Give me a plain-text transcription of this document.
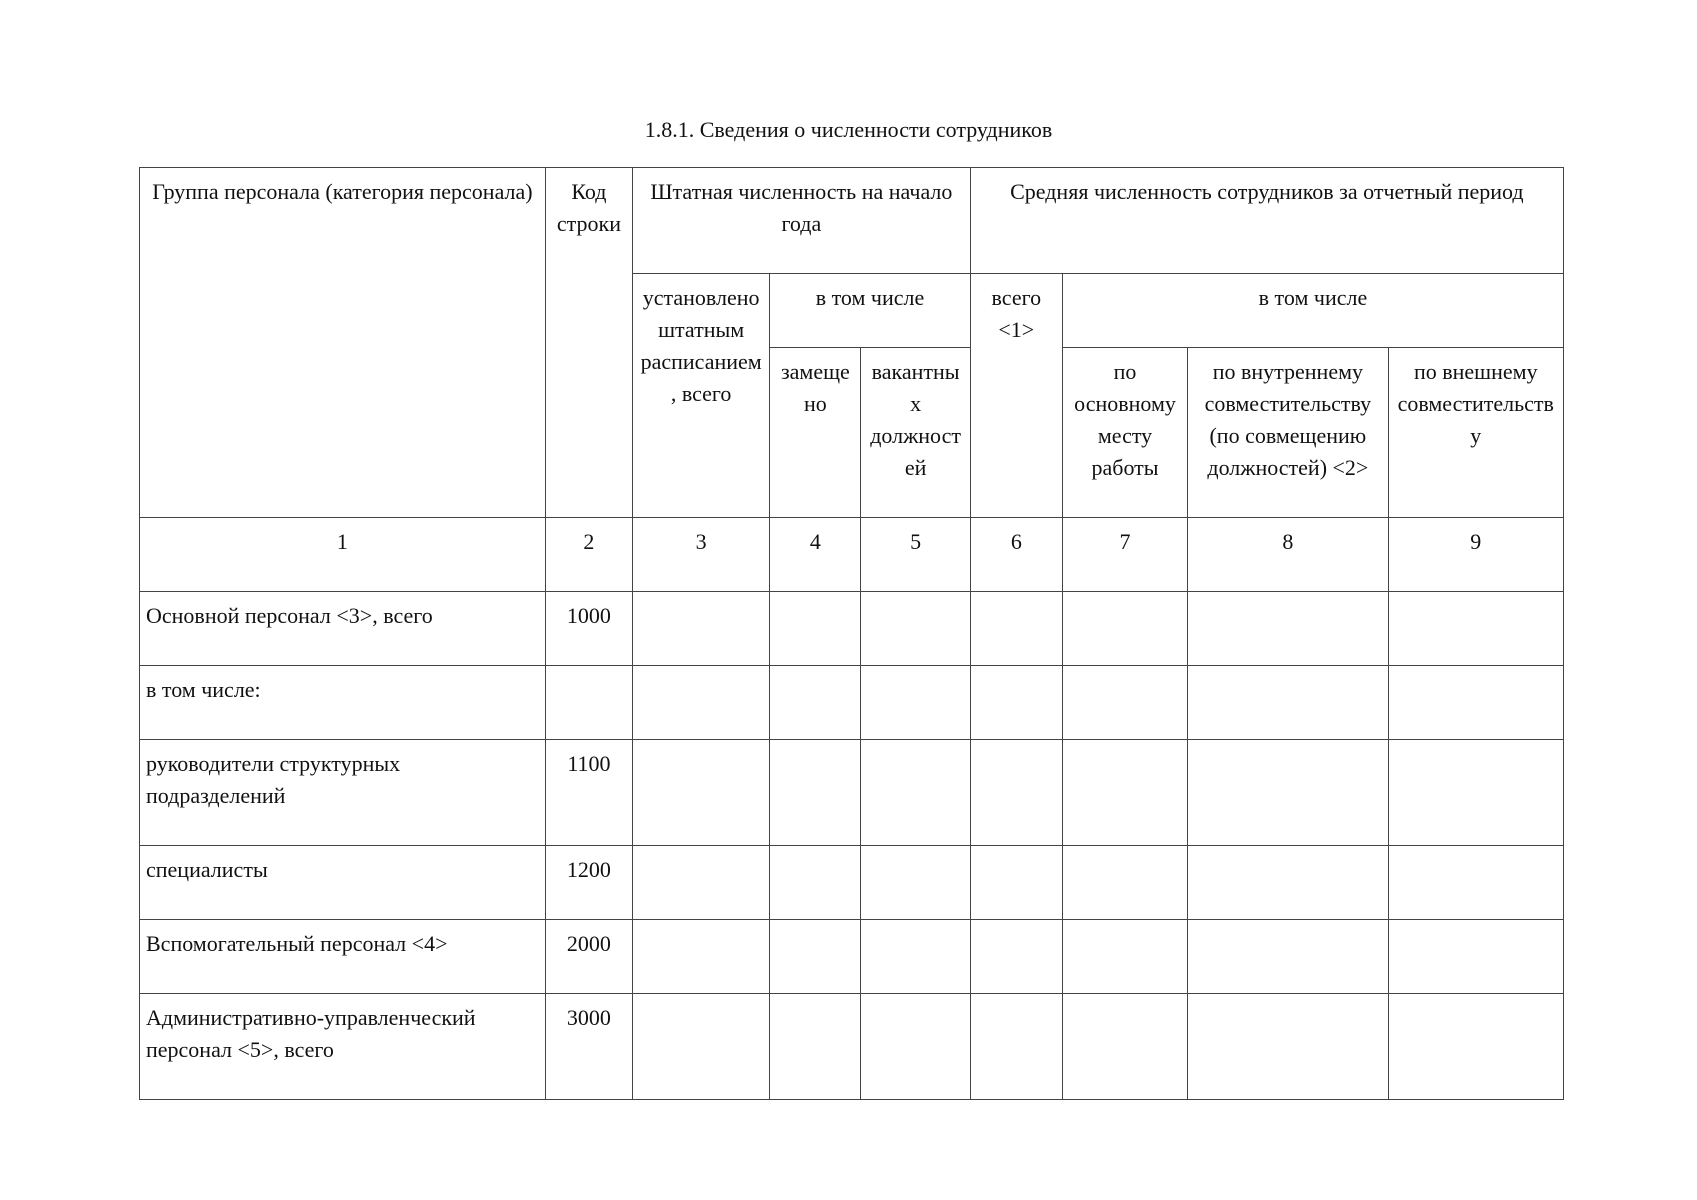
1.8.1. Сведения о численности сотрудников
Группа персонала (категория персонала)	Код строки	Штатная численность на начало года			Средняя численность сотрудников за отчетный период			
		установлено штатным расписанием, всего	в том числе		всего <1>	в том числе		
			замещено	вакантных должностей		по основному месту работы	по внутреннему совместительству (по совмещению должностей) <2>	по внешнему совместительству
1	2	3	4	5	6	7	8	9
Основной персонал <3>, всего	1000							
в том числе:								
руководители структурных подразделений	1100							
специалисты	1200							
Вспомогательный персонал <4>	2000							
Административно-управленческий персонал <5>, всего	3000							
